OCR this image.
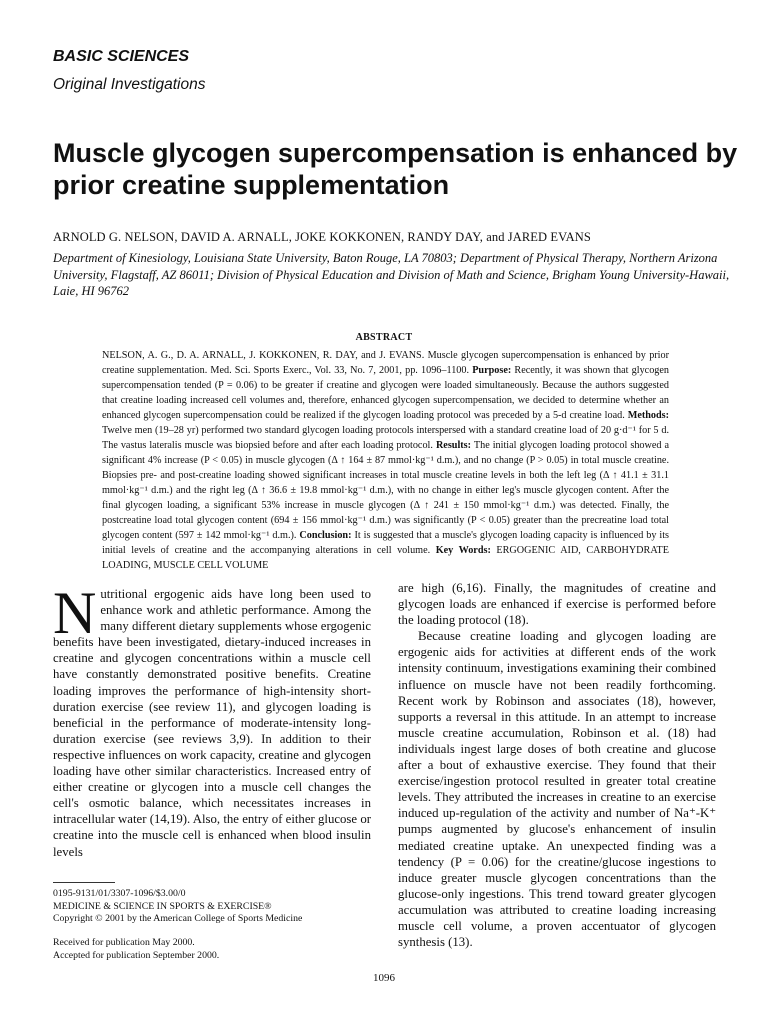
BASIC SCIENCES
Original Investigations
Muscle glycogen supercompensation is enhanced by prior creatine supplementation
ARNOLD G. NELSON, DAVID A. ARNALL, JOKE KOKKONEN, RANDY DAY, and JARED EVANS
Department of Kinesiology, Louisiana State University, Baton Rouge, LA 70803; Department of Physical Therapy, Northern Arizona University, Flagstaff, AZ 86011; Division of Physical Education and Division of Math and Science, Brigham Young University-Hawaii, Laie, HI 96762
ABSTRACT
NELSON, A. G., D. A. ARNALL, J. KOKKONEN, R. DAY, and J. EVANS. Muscle glycogen supercompensation is enhanced by prior creatine supplementation. Med. Sci. Sports Exerc., Vol. 33, No. 7, 2001, pp. 1096–1100. Purpose: Recently, it was shown that glycogen supercompensation tended (P = 0.06) to be greater if creatine and glycogen were loaded simultaneously. Because the authors suggested that creatine loading increased cell volumes and, therefore, enhanced glycogen supercompensation, we decided to determine whether an enhanced glycogen supercompensation could be realized if the glycogen loading protocol was preceded by a 5-d creatine load. Methods: Twelve men (19–28 yr) performed two standard glycogen loading protocols interspersed with a standard creatine load of 20 g·d⁻¹ for 5 d. The vastus lateralis muscle was biopsied before and after each loading protocol. Results: The initial glycogen loading protocol showed a significant 4% increase (P < 0.05) in muscle glycogen (Δ ↑ 164 ± 87 mmol·kg⁻¹ d.m.), and no change (P > 0.05) in total muscle creatine. Biopsies pre- and post-creatine loading showed significant increases in total muscle creatine levels in both the left leg (Δ ↑ 41.1 ± 31.1 mmol·kg⁻¹ d.m.) and the right leg (Δ ↑ 36.6 ± 19.8 mmol·kg⁻¹ d.m.), with no change in either leg's muscle glycogen content. After the final glycogen loading, a significant 53% increase in muscle glycogen (Δ ↑ 241 ± 150 mmol·kg⁻¹ d.m.) was detected. Finally, the postcreatine load total glycogen content (694 ± 156 mmol·kg⁻¹ d.m.) was significantly (P < 0.05) greater than the precreatine load total glycogen content (597 ± 142 mmol·kg⁻¹ d.m.). Conclusion: It is suggested that a muscle's glycogen loading capacity is influenced by its initial levels of creatine and the accompanying alterations in cell volume. Key Words: ERGOGENIC AID, CARBOHYDRATE LOADING, MUSCLE CELL VOLUME

Nutritional ergogenic aids have long been used to enhance work and athletic performance. Among the many different dietary supplements whose ergogenic benefits have been investigated, dietary-induced increases in creatine and glycogen concentrations within a muscle cell have constantly demonstrated positive benefits. Creatine loading improves the performance of high-intensity short-duration exercise (see review 11), and glycogen loading is beneficial in the performance of moderate-intensity long-duration exercise (see reviews 3,9). In addition to their respective influences on work capacity, creatine and glycogen loading have other similar characteristics. Increased entry of either creatine or glycogen into a muscle cell changes the cell's osmotic balance, which necessitates increases in intracellular water (14,19). Also, the entry of either glucose or creatine into the muscle cell is enhanced when blood insulin levels

are high (6,16). Finally, the magnitudes of creatine and glycogen loads are enhanced if exercise is performed before the loading protocol (18).

Because creatine loading and glycogen loading are ergogenic aids for activities at different ends of the work intensity continuum, investigations examining their combined influence on muscle have not been readily forthcoming. Recent work by Robinson and associates (18), however, supports a reversal in this attitude. In an attempt to increase muscle creatine accumulation, Robinson et al. (18) had individuals ingest large doses of both creatine and glucose after a bout of exhaustive exercise. They found that their exercise/ingestion protocol resulted in greater total creatine levels. They attributed the increases in creatine to an exercise induced up-regulation of the activity and number of Na⁺-K⁺ pumps augmented by glucose's enhancement of insulin mediated creatine uptake. An unexpected finding was a tendency (P = 0.06) for the creatine/glucose ingestions to induce greater muscle glycogen concentrations than the glucose-only ingestions. This trend toward greater glycogen accumulation was attributed to creatine loading increasing muscle cell volume, a proven accentuator of glycogen synthesis (13).

0195-9131/01/3307-1096/$3.00/0
MEDICINE & SCIENCE IN SPORTS & EXERCISE®
Copyright © 2001 by the American College of Sports Medicine
Received for publication May 2000.
Accepted for publication September 2000.
1096
